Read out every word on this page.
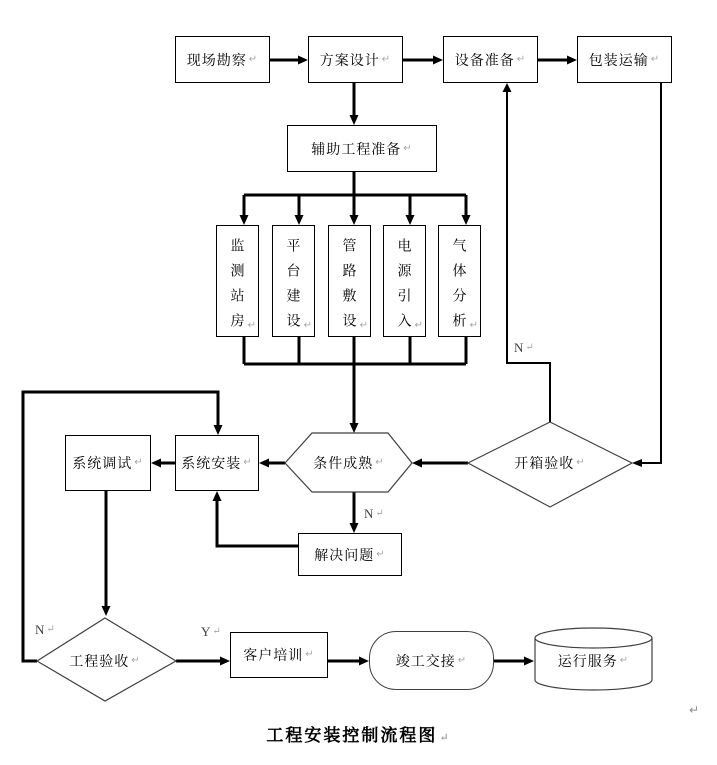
现场勘察 ↵	方案设计 ↵	设备准备 ↵	包装运输 ↵
辅助工程准备 ↵
监测站房 ↵ 平台建设 ↵ 管路敷设 ↵ 电源引入 ↵ 气体分析 ↵
系统调试 ↵	系统安装 ↵	条件成熟 ↵	开箱验收 ↵
解决问题 ↵
工程验收 ↵	客户培训 ↵	竣工交接 ↵	运行服务 ↵
N ↵
N ↵
N ↵	Y ↵
工程安装控制流程图 ↵
↵
